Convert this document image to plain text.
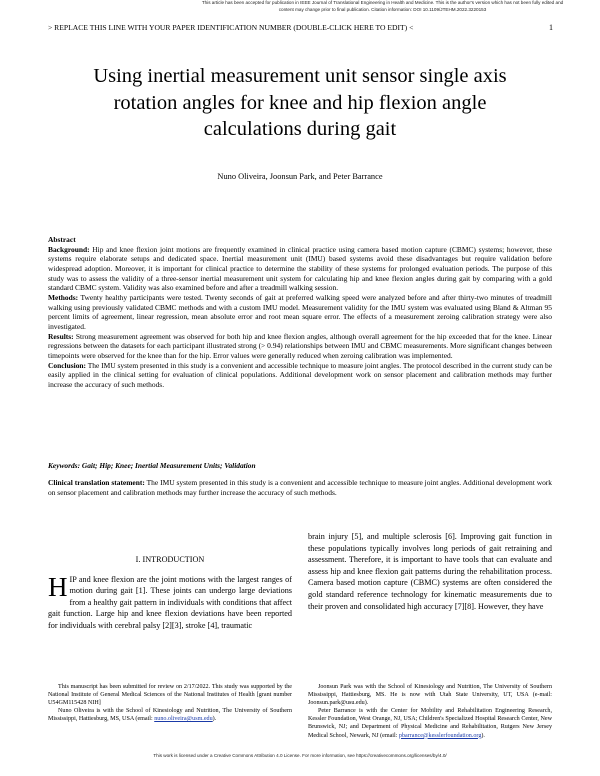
This article has been accepted for publication in IEEE Journal of Translational Engineering in Health and Medicine. This is the author's version which has not been fully edited and
content may change prior to final publication. Citation information: DOI 10.1109/JTEHM.2022.3220153
> REPLACE THIS LINE WITH YOUR PAPER IDENTIFICATION NUMBER (DOUBLE-CLICK HERE TO EDIT) <	1
Using inertial measurement unit sensor single axis rotation angles for knee and hip flexion angle calculations during gait
Nuno Oliveira, Joonsun Park, and Peter Barrance

Abstract

Background: Hip and knee flexion joint motions are frequently examined in clinical practice using camera based motion capture (CBMC) systems; however, these systems require elaborate setups and dedicated space. Inertial measurement unit (IMU) based systems avoid these disadvantages but require validation before widespread adoption. Moreover, it is important for clinical practice to determine the stability of these systems for prolonged evaluation periods. The purpose of this study was to assess the validity of a three-sensor inertial measurement unit system for calculating hip and knee flexion angles during gait by comparing with a gold standard CBMC system. Validity was also examined before and after a treadmill walking session.

Methods: Twenty healthy participants were tested. Twenty seconds of gait at preferred walking speed were analyzed before and after thirty-two minutes of treadmill walking using previously validated CBMC methods and with a custom IMU model. Measurement validity for the IMU system was evaluated using Bland & Altman 95 percent limits of agreement, linear regression, mean absolute error and root mean square error. The effects of a measurement zeroing calibration strategy were also investigated.

Results: Strong measurement agreement was observed for both hip and knee flexion angles, although overall agreement for the hip exceeded that for the knee. Linear regressions between the datasets for each participant illustrated strong (> 0.94) relationships between IMU and CBMC measurements. More significant changes between timepoints were observed for the knee than for the hip. Error values were generally reduced when zeroing calibration was implemented.

Conclusion: The IMU system presented in this study is a convenient and accessible technique to measure joint angles. The protocol described in the current study can be easily applied in the clinical setting for evaluation of clinical populations. Additional development work on sensor placement and calibration methods may further increase the accuracy of such methods.

Keywords: Gait; Hip; Knee; Inertial Measurement Units; Validation
Clinical translation statement: The IMU system presented in this study is a convenient and accessible technique to measure joint angles. Additional development work on sensor placement and calibration methods may further increase the accuracy of such methods.
I. INTRODUCTION
H IP and knee flexion are the joint motions with the largest ranges of motion during gait [1]. These joints can undergo large deviations from a healthy gait pattern in individuals with conditions that affect gait function. Large hip and knee flexion deviations have been reported for individuals with cerebral palsy [2][3], stroke [4], traumatic
brain injury [5], and multiple sclerosis [6]. Improving gait function in these populations typically involves long periods of gait retraining and assessment. Therefore, it is important to have tools that can evaluate and assess hip and knee flexion gait patterns during the rehabilitation process. Camera based motion capture (CBMC) systems are often considered the gold standard reference technology for kinematic measurements due to their proven and consolidated high accuracy [7][8]. However, they have

This manuscript has been submitted for review on 2/17/2022. This study was supported by the National Institute of General Medical Sciences of the National Institutes of Health [grant number U54GM115428 NIH]

Nuno Oliveira is with the School of Kinesiology and Nutrition, The University of Southern Mississippi, Hattiesburg, MS, USA (email: nuno.oliveira@usm.edu).

Joonsun Park was with the School of Kinesiology and Nutrition, The University of Southern Mississippi, Hattiesburg, MS. He is now with Utah State University, UT, USA (e-mail: Joonsun.park@usu.edu).

Peter Barrance is with the Center for Mobility and Rehabilitation Engineering Research, Kessler Foundation, West Orange, NJ, USA; Children's Specialized Hospital Research Center, New Brunswick, NJ; and Department of Physical Medicine and Rehabilitation, Rutgers New Jersey Medical School, Newark, NJ (email: pbarrance@kesslerfoundation.org).

This work is licensed under a Creative Commons Attribution 4.0 License. For more information, see https://creativecommons.org/licenses/by/4.0/
